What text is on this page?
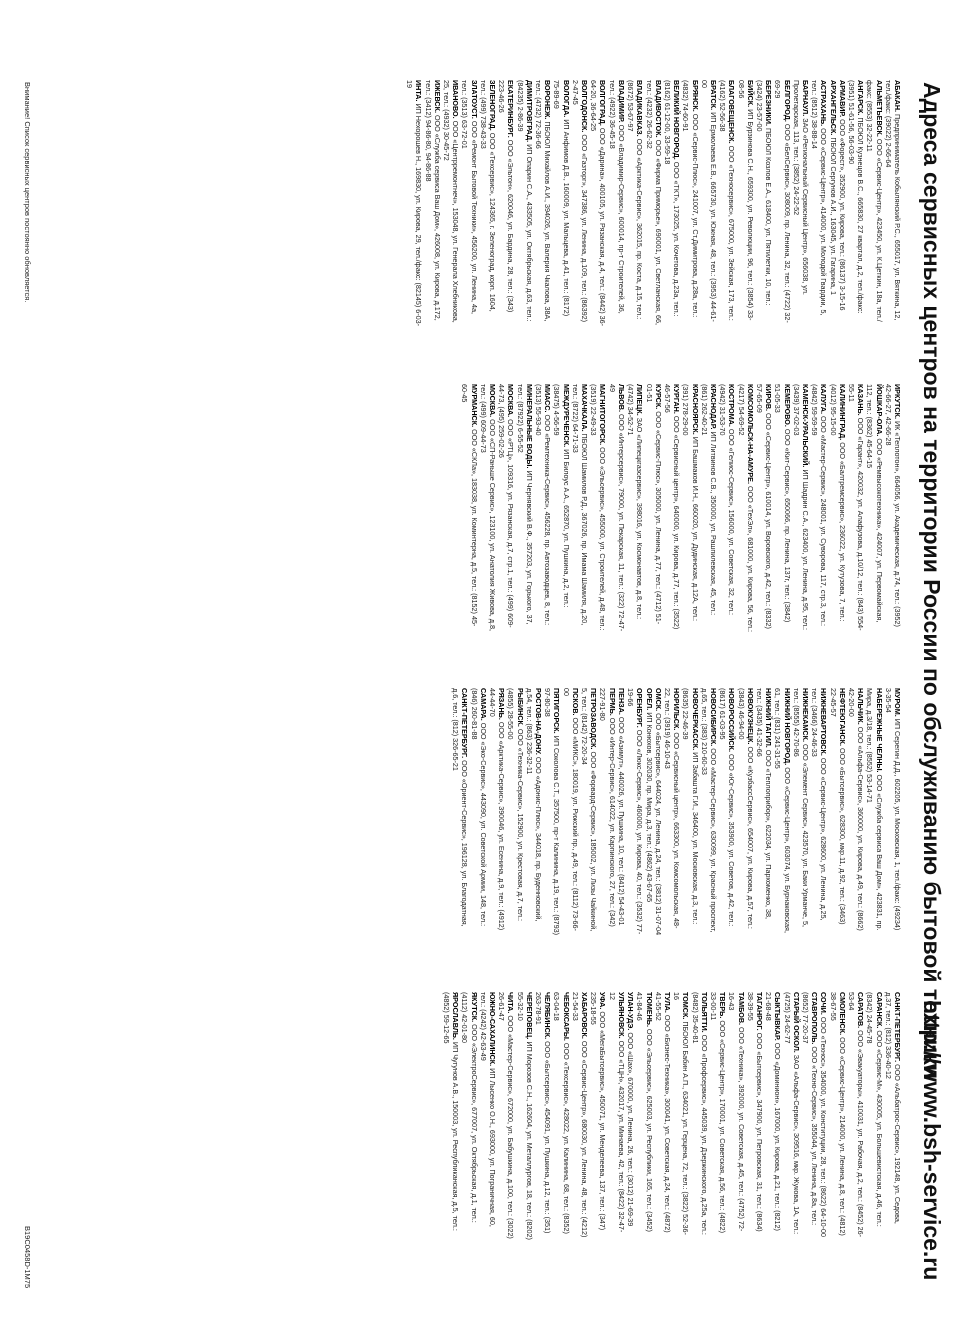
Адреса сервисных центров на территории России по обслуживанию бытовой техники
http://www.bsh-service.ru

АБАКАН. Предприниматель Кобылянский Р.С., 655017, ул. Вяткина, 12, тел./факс: (39022) 2-66-64

АЛЬМЕТЬЕВСК. ООО «Сервис-Центр», 423450, ул. К.Цеткин, 18а, тел./факс: (8553) 32-22-11

АНГАРСК. ПБОЮЛ Кузнецов В.С., 665830, 27 квартал, д.2, тел./факс: (3951) 51-61-56, 56-03-90

АРМАВИР. ООО «Форест», 352900, ул. Кирова, тел.: (86137) 3-15-16

АРХАНГЕЛЬСК. ПБОЮЛ Сергунов А.И., 163045, ул. Гагарина, 1

АСТРАХАНЬ. ООО «Сервис-Центр», 414000, ул. Молодой Гвардии, 5, тел.: (8512) 38-88-14

БАРНАУЛ. ЗАО «Региональный Сервисный Центр», 656038, ул. Пролетарская, 113, тел.: (3852) 24-22-52

БЕЛГОРОД. ООО «БелСервис», 308009, пр. Ленина, 32, тел.: (4722) 32-69-29

БЕРЕЗНИКИ. ПБОЮЛ Козлов Е.А., 618400, ул. Пятилетки, 10, тел.: (3424) 23-57-00

БИЙСК. ИП Бурзинова С.Н., 659300, ул. Революции, 96, тел.: (3854) 33-08-56

БЛАГОВЕЩЕНСК. ООО «Техносервис», 675000, ул. Зейская, 173, тел.: (4162) 52-56-38

БРАТСК. ИП Ермолаева Е.В., 665730, ул. Южная, 48, тел.: (3953) 44-61-00

БРЯНСК. ООО «Сервис-Плюс», 241007, ул. Ст.Димитрова, д.28а, тел.: (4832) 74-60-91

ВЕЛИКИЙ НОВГОРОД. ООО «ТКТ», 173025, ул. Кочетова, д.23а, тел.: (8162) 61-12-00, 33-59-18

ВЛАДИВОСТОК. ООО «Фирма Приморье», 690001, ул. Светланская, 66, тел.: (4232) 26-62-32

ВЛАДИКАВКАЗ. ООО «Арктика-Сервис», 362015, пр. Коста, д.15, тел.: (8672) 53-67-97

ВЛАДИМИР. ООО «Владимир-Сервис», 600014, пр-т Строителей, 36, тел.: (4922) 36-45-18

ВОЛГОГРАД. ООО «Дарина», 400105, ул. Рязанская, д.4, тел.: (8442) 36-64-20, 36-64-25

ВОЛГОДОНСК. ООО «Газторг», 347386, ул. Ленина, д.109, тел.: (86392) 2-47-45

ВОЛОГДА. ИП Анфимов Д.В., 160009, ул. Мальцева, д.41, тел.: (8172) 75-89-69

ВОРОНЕЖ. ПБОЮЛ Михайлов А.И., 394026, ул. Валерия Чкалова, 38А, тел.: (4732) 72-36-66

ДИМИТРОВГРАД. ИП Опарин С.А., 433505, ул. Октябрьская, д.63, тел.: (84235) 2-86-39

ЕКАТЕРИНБУРГ. ООО «Эльтон», 620046, ул. Бардина, 28, тел.: (343) 223-46-26

ЗЕЛЕНОГРАД. ООО «Техсервис», 124365, г. Зеленоград, корп. 1604, тел.: (499) 738-43-33

ЗЛАТОУСТ. ООО «Ремонт Бытовой Техники», 456200, ул. Ленина, 4а, тел.: (3513) 63-72-01

ИВАНОВО. ООО «Центрремонтнеч», 153048, ул. Генерала Хлебникова, 25, тел.: (4932) 30-45-72

ИЖЕВСК. ООО «Служба сервиса Ваш Дом», 426008, ул. Кирова, д.172, тел.: (3412) 94-86-80, 94-86-88

ИНТА. ИП Нехорошев Н., 169830, ул. Кирова, 29, тел./факс: (82145) 6-03-19

ИРКУТСК. ИК «Теплотон», 664056, ул. Академическая, д.74, тел.: (3952) 42-66-27, 42-66-28

ЙОШКАР-ОЛА. ООО «Ремвысокотехника», 424007, ул. Первомайская, 112, тел.: (8362) 45-64-15

КАЗАНЬ. ООО «Гарант», 420032, ул. Алафузова, д.10/12, тел.: (843) 554-55-11

КАЛИНИНГРАД. ООО «Балтремсервис», 236022, ул. Кутузова, 7, тел.: (4012) 95-15-00

КАЛУГА. ООО «Мастер-Сервис», 248001, ул. Суворова, 117, стр.3, тел.: (4842) 59-59-59

КАМЕНСК-УРАЛЬСКИЙ. ИП Шадрин С.А., 623400, ул. Ленина, д.95, тел.: (3439) 37-02-03

КЕМЕРОВО. ООО «Кит-Сервис», 650066, пр. Ленина, 137г, тел.: (3842) 51-05-33

КИРОВ. ООО «Сервис-Центр», 610014, ул. Воровского, д.42, тел.: (8332) 57-65-09

КОМСОМОЛЬСК-НА-АМУРЕ. ООО «ТехЭл», 681000, ул. Кирова, 56, тел.: (4217) 54-69-52

КОСТРОМА. ООО «Гелиос-Сервис», 156000, ул. Советская, 32, тел.: (4942) 31-53-70

КРАСНОДАР. ИП Литвинов С.В., 350000, ул. Рашпилевская, 45, тел.: (861) 262-40-21

КРАСНОЯРСК. ИП Башмаков И.Н., 660020, ул. Дудинская, д.12А, тел.: (391) 278-29-00

КУРГАН. ООО «Сервисный центр», 640000, ул. Кирова, д.77, тел.: (3522) 46-57-56

КУРСК. ООО «Сервис-Плюс», 305000, ул. Ленина, д.77, тел.: (4712) 51-01-51

ЛИПЕЦК. ЗАО «Липецкгазсервис», 398016, ул. Космонавтов, д.8, тел.: (4742) 34-52-71

ЛЬВОВ. ООО «Интерсервис», 79000, ул. Пекарская, 11, тел.: (322) 72-47-49

МАГНИТОГОРСК. ООО «Эльсервис», 455000, ул. Строителей, д.48, тел.: (3519) 22-49-33

МАХАЧКАЛА. ПБОЮЛ Шамилов Р.Д., 367026, пр. Имама Шамиля, д.20, тел.: (8722) 64-71-33

МЕЖДУРЕЧЕНСК. ИП Билоус А.А., 652870, ул. Пушкина, д.2, тел.: (38475) 4-56-59

МИАСС. ООО «Ремтехника-Сервис», 456228, пр. Автозаводцев, 8, тел.: (3513) 55-93-40

МИНЕРАЛЬНЫЕ ВОДЫ. ИП Чернявский В.Ф., 357203, ул. Горького, 37, тел.: (87922) 6-55-52

МОСКВА. ООО «РТЦ», 109316, ул. Рязанская, д.7, стр.1, тел.: (499) 609-44-73, (495) 259-02-26

МОСКВА. ООО «СП-Раньше Сервис», 123100, ул. Анатолия Живова, д.8, тел.: (499) 609-44-73

МУРМАНСК. ООО «СКЛа», 183038, ул. Коминтерна, д.5, тел.: (8152) 45-60-45

МУРОМ. ИП Серегин Д.Д., 602205, ул. Московская, 1, тел./факс: (49234) 3-35-54

НАБЕРЕЖНЫЕ ЧЕЛНЫ. ООО «Служба сервиса Ваш Дом», 423831, пр. Мира, д.3/18, тел.: (8552) 53-14-71

НАЛЬЧИК. ООО «Альфа-Сервис», 360000, ул. Кирова, д.49, тел.: (8662) 42-20-00

НЕФТЕЮГАНСК. ООО «Бытсервис», 628300, мкр.11, д.92, тел.: (3463) 22-45-57

НИЖНЕВАРТОВСК. ООО «Сервис-Центр», 628600, ул. Ленина, д.25, тел.: (3466) 24-46-33

НИЖНЕКАМСК. ООО «Элемент Сервис», 423570, ул. Баки Урманче, 5, тел.: (8555) 42-70-86

НИЖНИЙ НОВГОРОД. ООО «Сервис-Центр», 603074, ул. Бурнаковская, 61, тел.: (831) 241-31-55

НИЖНИЙ ТАГИЛ. ООО «Теплоприбор», 622034, ул. Пархоменко, 38, тел.: (3435) 41-32-66

НОВОКУЗНЕЦК. ООО «КузбассСервис», 654007, ул. Кирова, д.57, тел.: (3843) 46-94-00

НОВОРОССИЙСК. ООО «Юг-Сервис», 353900, ул. Советов, д.42, тел.: (8617) 61-03-95

НОВОСИБИРСК. ООО «Мастер-Сервис», 630099, ул. Красный проспект, д.65, тел.: (383) 210-60-33

НОВОЧЕРКАССК. ИП Забашта Г.И., 346400, ул. Московская, д.3, тел.: (8635) 22-46-39

НОРИЛЬСК. ООО «Сервисный центр», 663300, ул. Комсомольская, 48-22, тел.: (3919) 46-10-43

ОМСК. ООО «Бытсервис», 644024, ул. Ленина, д.24, тел.: (3812) 31-07-04

ОРЕЛ. ИП Конюхов, 302030, пр. Мира, д.3, тел.: (4862) 43-67-65

ОРЕНБУРГ. ООО «Люкс-Сервис», 460000, ул. Кирова, 40, тел.: (3532) 77-19-66

ПЕНЗА. ООО «Азимут», 440026, ул. Пушкина, 10, тел.: (8412) 54-43-01

ПЕРМЬ. ООО «Интер-Сервис», 614022, ул. Карпинского, 27, тел.: (342) 227-91-80

ПЕТРОЗАВОДСК. ООО «Форвард-Сервис», 185002, ул. Лизы Чайкиной, 5, тел.: (8142) 72-20-34

ПСКОВ. ООО «МИКС», 180019, ул. Рижский пр., д.49, тел.: (8112) 73-66-00

ПЯТИГОРСК. ИП Соколова С.Т., 357500, пр-т Калинина, д.19, тел.: (8793) 97-80-38

РОСТОВ-НА-ДОНУ. ООО «Адонис-Плюс», 344018, пр. Буденновский, д.54, тел.: (863) 236-32-11

РЫБИНСК. ООО «Техника-Сервис», 152900, ул. Крестовая, д.7, тел.: (4855) 28-55-00

РЯЗАНЬ. ООО «Арктика-Сервис», 390046, ул. Есенина, д.9, тел.: (4912) 44-44-70

САМАРА. ООО «Эко-Сервис», 443090, ул. Советской Армии, 148, тел.: (846) 260-81-88

САНКТ-ПЕТЕРБУРГ. ООО «Ориент-Сервис», 196128, ул. Благодатная, д.6, тел.: (812) 326-65-21

САНКТ-ПЕТЕРБУРГ. ООО «Альбатрос-Сервис», 192148, ул. Седова, д.37, тел.: (812) 336-40-12

САРАНСК. ООО «Сервис-М», 430005, ул. Большевистская, д.46, тел.: (8342) 24-45-78

САРАТОВ. ООО «Эвакуаторы», 410031, ул. Рабочая, д.2, тел.: (8452) 26-53-64

СМОЛЕНСК. ООО «Сервис-Центр», 214000, ул. Ленина, д.8, тел.: (4812) 38-67-55

СОЧИ. ООО «Технос», 354000, ул. Конституции, 28, тел.: (8622) 64-10-00

СТАВРОПОЛЬ. ООО «Техно-Сервис», 355044, ул. Ленина, д.8а, тел.: (8652) 77-20-37

СТАРЫЙ ОСКОЛ. ЗАО «Альфа-Сервис», 309516, мкр. Жукова, 1А, тел.: (4725) 24-62-77

СЫКТЫВКАР. ООО «Доминион», 167000, ул. Кирова, д.21, тел.: (8212) 21-68-48

ТАГАНРОГ. ООО «Бытсервис», 347900, ул. Петровская, 31, тел.: (8634) 38-39-55

ТАМБОВ. ООО «Техника», 392000, ул. Советская, д.45, тел.: (4752) 72-16-43

ТВЕРЬ. ООО «Сервис-Центр», 170001, ул. Советская, д.56, тел.: (4822) 33-00-11

ТОЛЬЯТТИ. ООО «Профсервис», 445039, ул. Дзержинского, д.25а, тел.: (8482) 35-40-81

ТОМСК. ПБОЮЛ Бабин А.П., 634021, ул. Герцена, 72, тел.: (3822) 52-36-16

ТУЛА. ООО «Бизнес-Техника», 300041, ул. Советская, д.24, тел.: (4872) 41-55-52

ТЮМЕНЬ. ООО «Эльсервис», 625003, ул. Республики, 165, тел.: (3452) 41-84-46

УЛАН-УДЭ. ООО «Шах», 670000, ул. Ленина, 26, тел.: (3012) 21-69-39

УЛЬЯНОВСК. ООО «ТЦН», 432017, ул. Минаева, 42, тел.: (8422) 32-47-12

УФА. ООО «МегаБытсервис», 450071, ул. Менделеева, 137, тел.: (347) 235-18-55

ХАБАРОВСК. ООО «Сервис-Центр», 680030, ул. Ленина, 48, тел.: (4212) 21-54-33

ЧЕБОКСАРЫ. ООО «Техсервис», 428022, ул. Калинина, 68, тел.: (8352) 63-04-18

ЧЕЛЯБИНСК. ООО «Бытсервис», 454091, ул. Пушкина, д.12, тел.: (351) 263-78-91

ЧЕРЕПОВЕЦ. ИП Морозов С.Н., 162604, ул. Металлургов, 18, тел.: (8202) 55-32-10

ЧИТА. ООО «Мастер-Сервис», 672000, ул. Бабушкина, д.100, тел.: (3022) 26-61-47

ЮЖНО-САХАЛИНСК. ИП Лысенко О.Н., 693000, ул. Пограничная, 60, тел.: (4242) 42-63-49

ЯКУТСК. ООО «ЭлектроСервис», 677007, ул. Октябрьская, д.1, тел.: (4112) 42-01-80

ЯРОСЛАВЛЬ. ИП Чугунов А.В., 150003, ул. Республиканская, д.5, тел.: (4852) 59-12-65

Внимание! Список сервисных центров постоянно обновляется.
B19C0458D-1M75
